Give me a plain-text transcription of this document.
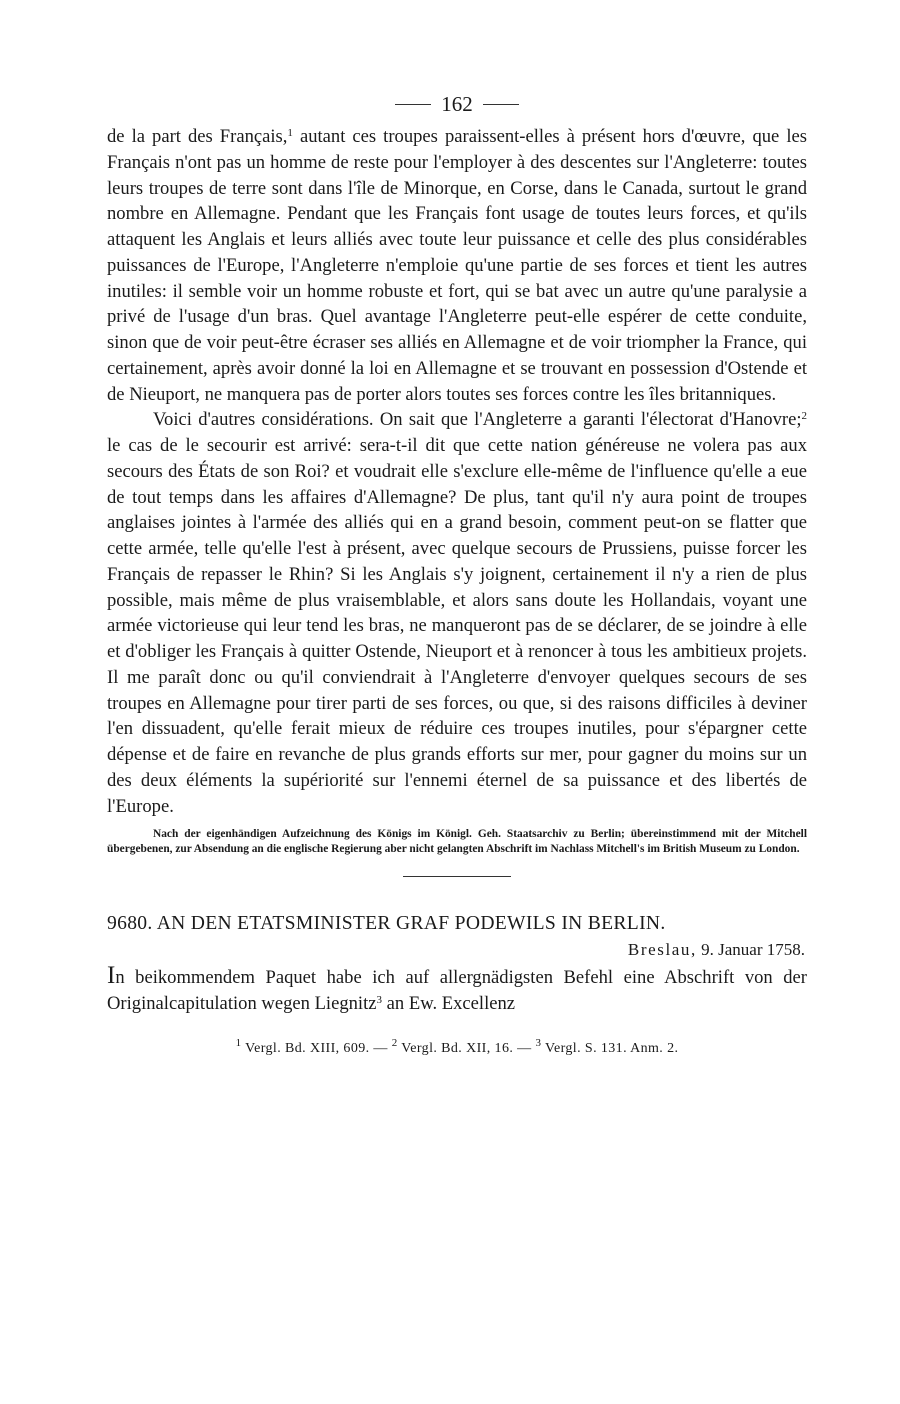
162

de la part des Français,$^1$ autant ces troupes paraissent-elles à présent hors d'œuvre, que les Français n'ont pas un homme de reste pour l'employer à des descentes sur l'Angleterre: toutes leurs troupes de terre sont dans l'île de Minorque, en Corse, dans le Canada, surtout le grand nombre en Allemagne. Pendant que les Français font usage de toutes leurs forces, et qu'ils attaquent les Anglais et leurs alliés avec toute leur puissance et celle des plus considérables puissances de l'Europe, l'Angleterre n'emploie qu'une partie de ses forces et tient les autres inutiles: il semble voir un homme robuste et fort, qui se bat avec un autre qu'une paralysie a privé de l'usage d'un bras. Quel avantage l'Angleterre peut-elle espérer de cette conduite, sinon que de voir peut-être écraser ses alliés en Allemagne et de voir triompher la France, qui certainement, après avoir donné la loi en Allemagne et se trouvant en possession d'Ostende et de Nieuport, ne manquera pas de porter alors toutes ses forces contre les îles britanniques.

Voici d'autres considérations. On sait que l'Angleterre a garanti l'électorat d'Hanovre;$^2$ le cas de le secourir est arrivé: sera-t-il dit que cette nation généreuse ne volera pas aux secours des États de son Roi? et voudrait elle s'exclure elle-même de l'influence qu'elle a eue de tout temps dans les affaires d'Allemagne? De plus, tant qu'il n'y aura point de troupes anglaises jointes à l'armée des alliés qui en a grand besoin, comment peut-on se flatter que cette armée, telle qu'elle l'est à présent, avec quelque secours de Prussiens, puisse forcer les Français de repasser le Rhin? Si les Anglais s'y joignent, certainement il n'y a rien de plus possible, mais même de plus vraisemblable, et alors sans doute les Hollandais, voyant une armée victorieuse qui leur tend les bras, ne manqueront pas de se déclarer, de se joindre à elle et d'obliger les Français à quitter Ostende, Nieuport et à renoncer à tous les ambitieux projets. Il me paraît donc ou qu'il conviendrait à l'Angleterre d'envoyer quelques secours de ses troupes en Allemagne pour tirer parti de ses forces, ou que, si des raisons difficiles à deviner l'en dissuadent, qu'elle ferait mieux de réduire ces troupes inutiles, pour s'épargner cette dépense et de faire en revanche de plus grands efforts sur mer, pour gagner du moins sur un des deux éléments la supériorité sur l'ennemi éternel de sa puissance et des libertés de l'Europe.

Nach der eigenhändigen Aufzeichnung des Königs im Königl. Geh. Staatsarchiv zu Berlin; übereinstimmend mit der Mitchell übergebenen, zur Absendung an die englische Regierung aber nicht gelangten Abschrift im Nachlass Mitchell's im British Museum zu London.
9680. AN DEN ETATSMINISTER GRAF PODEWILS IN BERLIN.
Breslau, 9. Januar 1758.
In beikommendem Paquet habe ich auf allergnädigsten Befehl eine Abschrift von der Originalcapitulation wegen Liegnitz$^3$ an Ew. Excellenz
$^1$ Vergl. Bd. XIII, 609. — $^2$ Vergl. Bd. XII, 16. — $^3$ Vergl. S. 131. Anm. 2.
